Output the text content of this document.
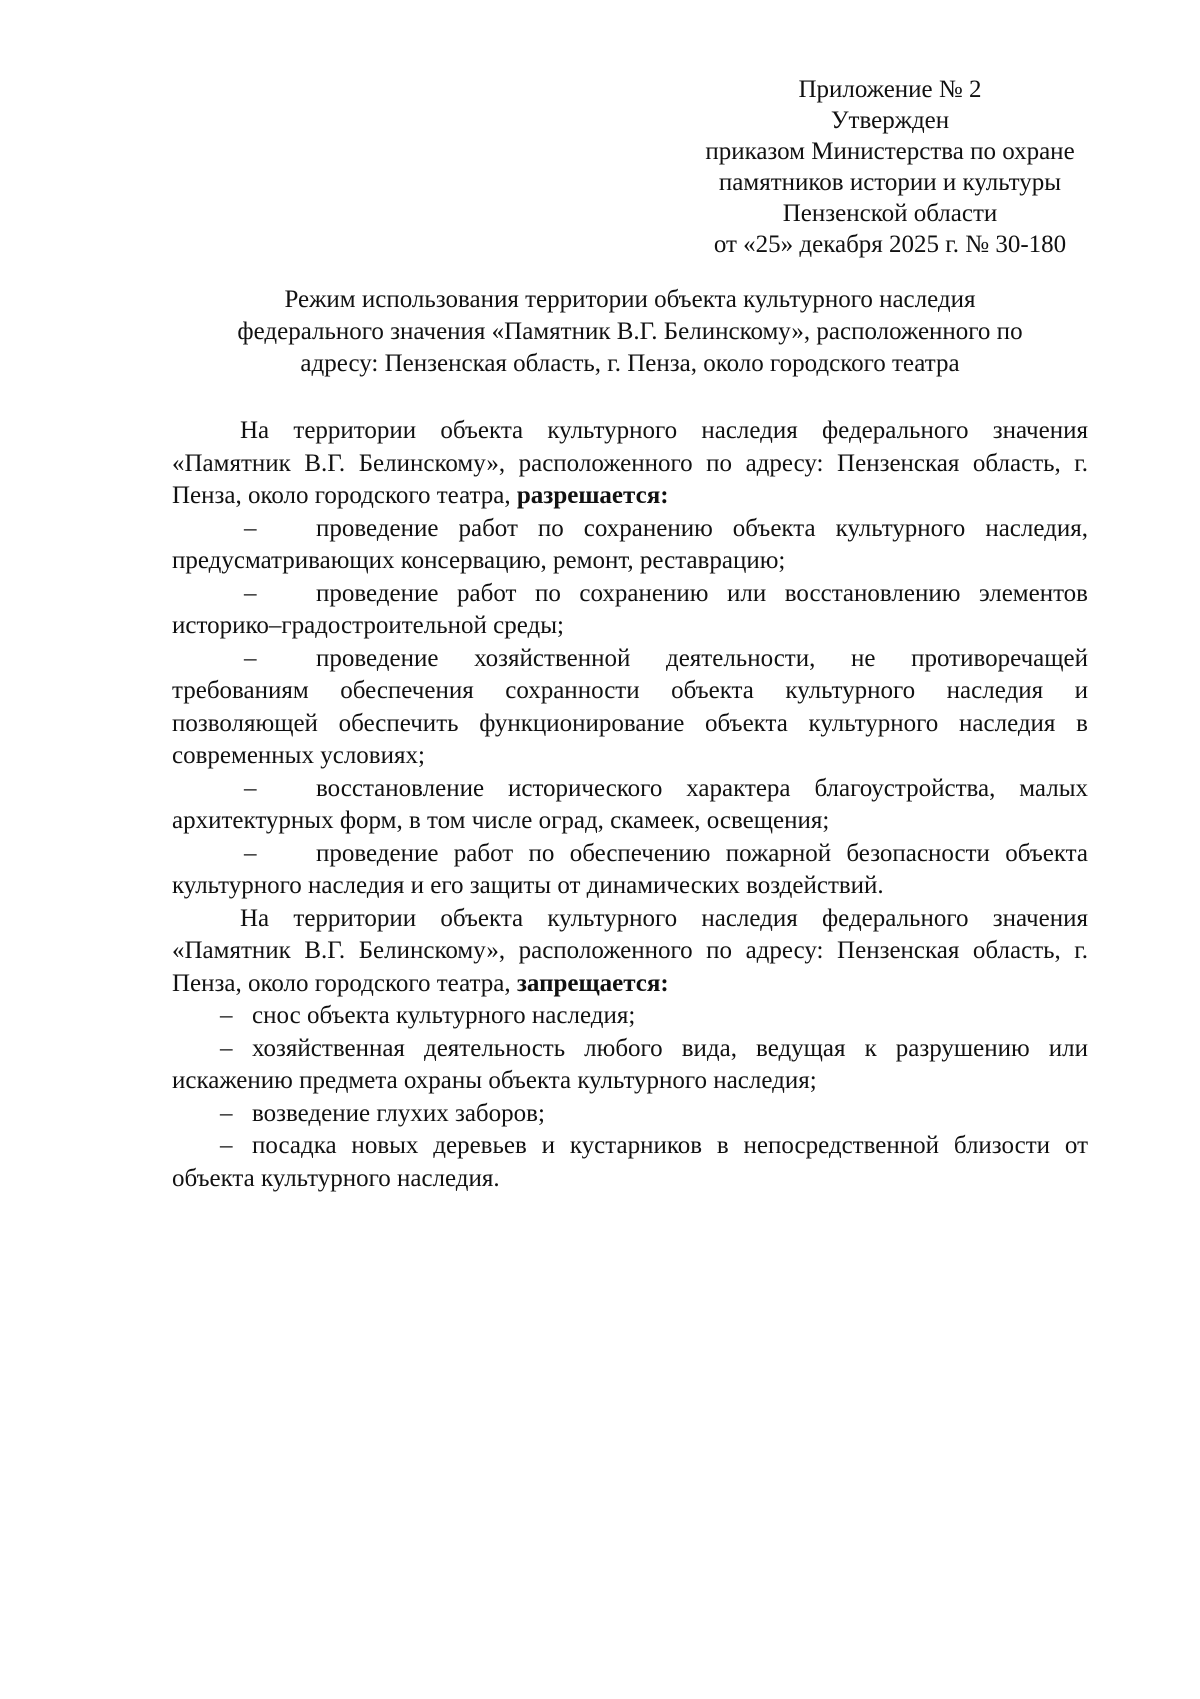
Приложение № 2
Утвержден
приказом Министерства по охране
памятников истории и культуры
Пензенской области
от «25» декабря 2025 г. № 30-180
Режим использования территории объекта культурного наследия
федерального значения «Памятник В.Г. Белинскому», расположенного по
адресу: Пензенская область, г. Пенза, около городского театра

На территории объекта культурного наследия федерального значения «Памятник В.Г. Белинскому», расположенного по адресу: Пензенская область, г. Пенза, около городского театра, разрешается:

– проведение работ по сохранению объекта культурного наследия, предусматривающих консервацию, ремонт, реставрацию;

– проведение работ по сохранению или восстановлению элементов историко–градостроительной среды;

– проведение хозяйственной деятельности, не противоречащей требованиям обеспечения сохранности объекта культурного наследия и позволяющей обеспечить функционирование объекта культурного наследия в современных условиях;

– восстановление исторического характера благоустройства, малых архитектурных форм, в том числе оград, скамеек, освещения;

– проведение работ по обеспечению пожарной безопасности объекта культурного наследия и его защиты от динамических воздействий.

На территории объекта культурного наследия федерального значения «Памятник В.Г. Белинскому», расположенного по адресу: Пензенская область, г. Пенза, около городского театра, запрещается:

– снос объекта культурного наследия;

– хозяйственная деятельность любого вида, ведущая к разрушению или искажению предмета охраны объекта культурного наследия;

– возведение глухих заборов;

– посадка новых деревьев и кустарников в непосредственной близости от объекта культурного наследия.
